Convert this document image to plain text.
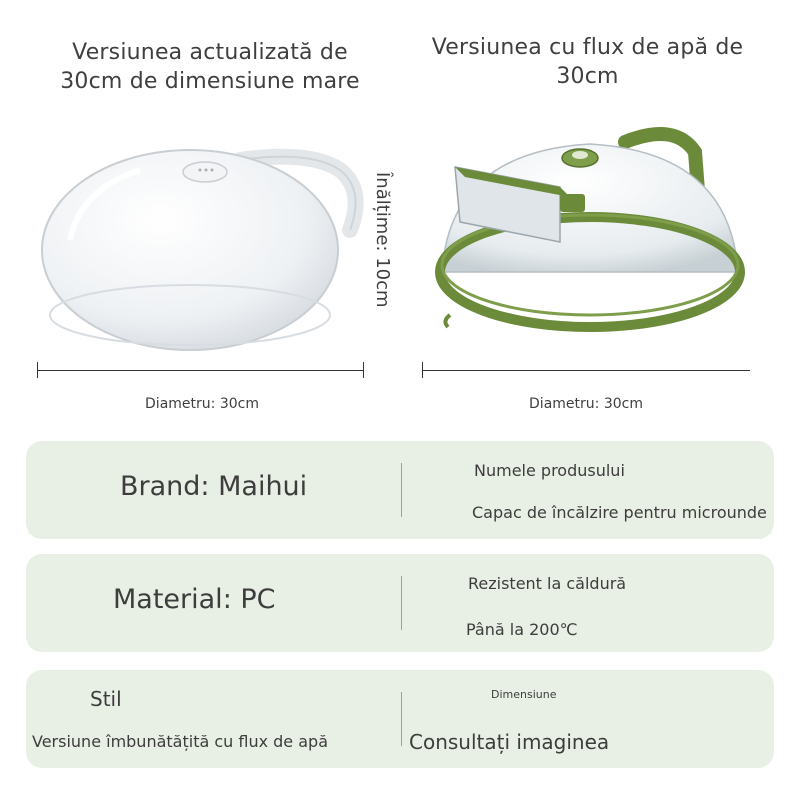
Versiunea actualizată de
30cm de dimensiune mare
Versiunea cu flux de apă de
30cm
Diametru: 30cm
Înălțime: 10cm
Diametru: 30cm
Brand: Maihui
Numele produsului
Capac de încălzire pentru microunde
Material: PC
Rezistent la căldură
Până la 200℃
Stil
Versiune îmbunătățită cu flux de apă
Dimensiune
Consultați imaginea
